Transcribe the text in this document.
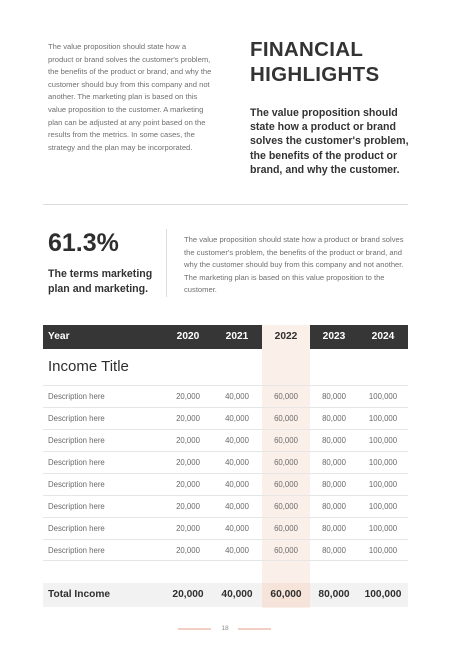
The value proposition should state how a product or brand solves the customer's problem, the benefits of the product or brand, and why the customer should buy from this company and not another. The marketing plan is based on this value proposition to the customer. A marketing plan can be adjusted at any point based on the results from the metrics. In some cases, the strategy and the plan may be incorporated.
FINANCIAL HIGHLIGHTS
The value proposition should state how a product or brand solves the customer's problem, the benefits of the product or brand, and why the customer.
61.3%
The terms marketing plan and marketing.
The value proposition should state how a product or brand solves the customer's problem, the benefits of the product or brand, and why the customer should buy from this company and not another. The marketing plan is based on this value proposition to the customer.
Year	2020	2021	2022	2023	2024
Income Title
Description here	20,000	40,000	60,000	80,000	100,000
Description here	20,000	40,000	60,000	80,000	100,000
Description here	20,000	40,000	60,000	80,000	100,000
Description here	20,000	40,000	60,000	80,000	100,000
Description here	20,000	40,000	60,000	80,000	100,000
Description here	20,000	40,000	60,000	80,000	100,000
Description here	20,000	40,000	60,000	80,000	100,000
Description here	20,000	40,000	60,000	80,000	100,000
Total Income	20,000	40,000	60,000	80,000	100,000
18
